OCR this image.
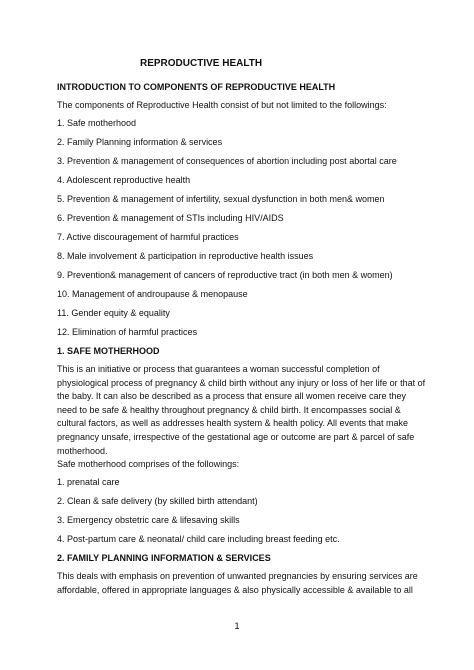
REPRODUCTIVE HEALTH

INTRODUCTION TO COMPONENTS OF REPRODUCTIVE HEALTH

The components of Reproductive Health consist of but not limited to the followings:

1. Safe motherhood

2. Family Planning information & services

3. Prevention & management of consequences of abortion including post abortal care

4. Adolescent reproductive health

5. Prevention & management of infertility, sexual dysfunction in both men& women

6. Prevention & management of STIs including HIV/AIDS

7. Active discouragement of harmful practices

8. Male involvement & participation in reproductive health issues

9. Prevention& management of cancers of reproductive tract (in both men & women)

10. Management of androupause & menopause

11. Gender equity & equality

12. Elimination of harmful practices

1. SAFE MOTHERHOOD

This is an initiative or process that guarantees a woman successful completion of physiological process of pregnancy & child birth without any injury or loss of her life or that of the baby. It can also be described as a process that ensure all women receive care they need to be safe & healthy throughout pregnancy & child birth. It encompasses social & cultural factors, as well as addresses health system & health policy. All events that make pregnancy unsafe, irrespective of the gestational age or outcome are part & parcel of safe motherhood.

Safe motherhood comprises of the followings:

1. prenatal care

2. Clean & safe delivery (by skilled birth attendant)

3. Emergency obstetric care & lifesaving skills

4. Post-partum care & neonatal/ child care including breast feeding etc.

2. FAMILY PLANNING INFORMATION & SERVICES

This deals with emphasis on prevention of unwanted pregnancies by ensuring services are affordable, offered in appropriate languages & also physically accessible & available to all

1
